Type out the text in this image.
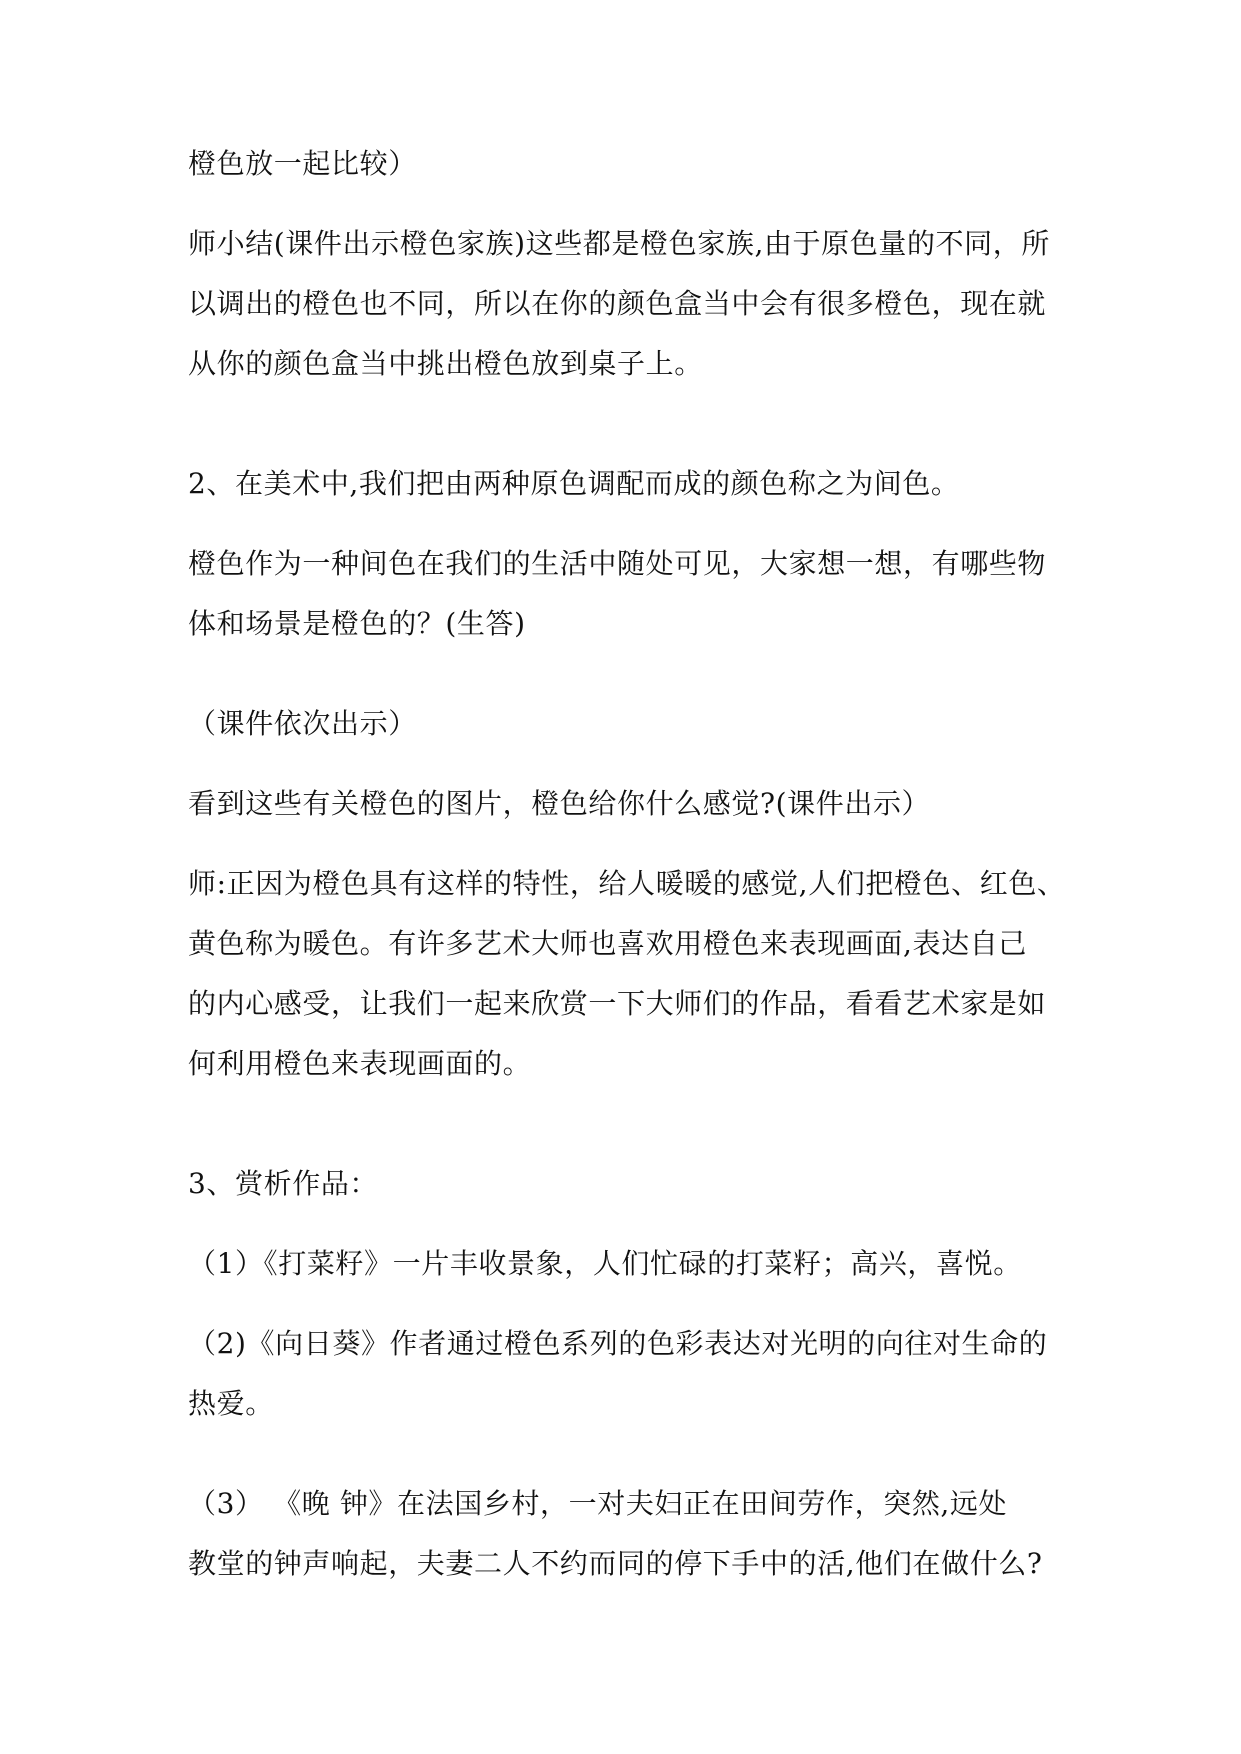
橙色放一起比较）

师小结(课件出示橙色家族)这些都是橙色家族,由于原色量的不同，所
以调出的橙色也不同，所以在你的颜色盒当中会有很多橙色，现在就
从你的颜色盒当中挑出橙色放到桌子上。

2、在美术中,我们把由两种原色调配而成的颜色称之为间色。

橙色作为一种间色在我们的生活中随处可见，大家想一想，有哪些物
体和场景是橙色的？(生答)

（课件依次出示）

看到这些有关橙色的图片，橙色给你什么感觉?(课件出示）

师:正因为橙色具有这样的特性，给人暖暖的感觉,人们把橙色、红色、
黄色称为暖色。有许多艺术大师也喜欢用橙色来表现画面,表达自己
的内心感受，让我们一起来欣赏一下大师们的作品，看看艺术家是如
何利用橙色来表现画面的。

3、赏析作品：

（1）《打菜籽》一片丰收景象，人们忙碌的打菜籽；高兴，喜悦。

（2)《向日葵》作者通过橙色系列的色彩表达对光明的向往对生命的
热爱。

（3） 《晚 钟》在法国乡村，一对夫妇正在田间劳作，突然,远处
教堂的钟声响起，夫妻二人不约而同的停下手中的活,他们在做什么?
